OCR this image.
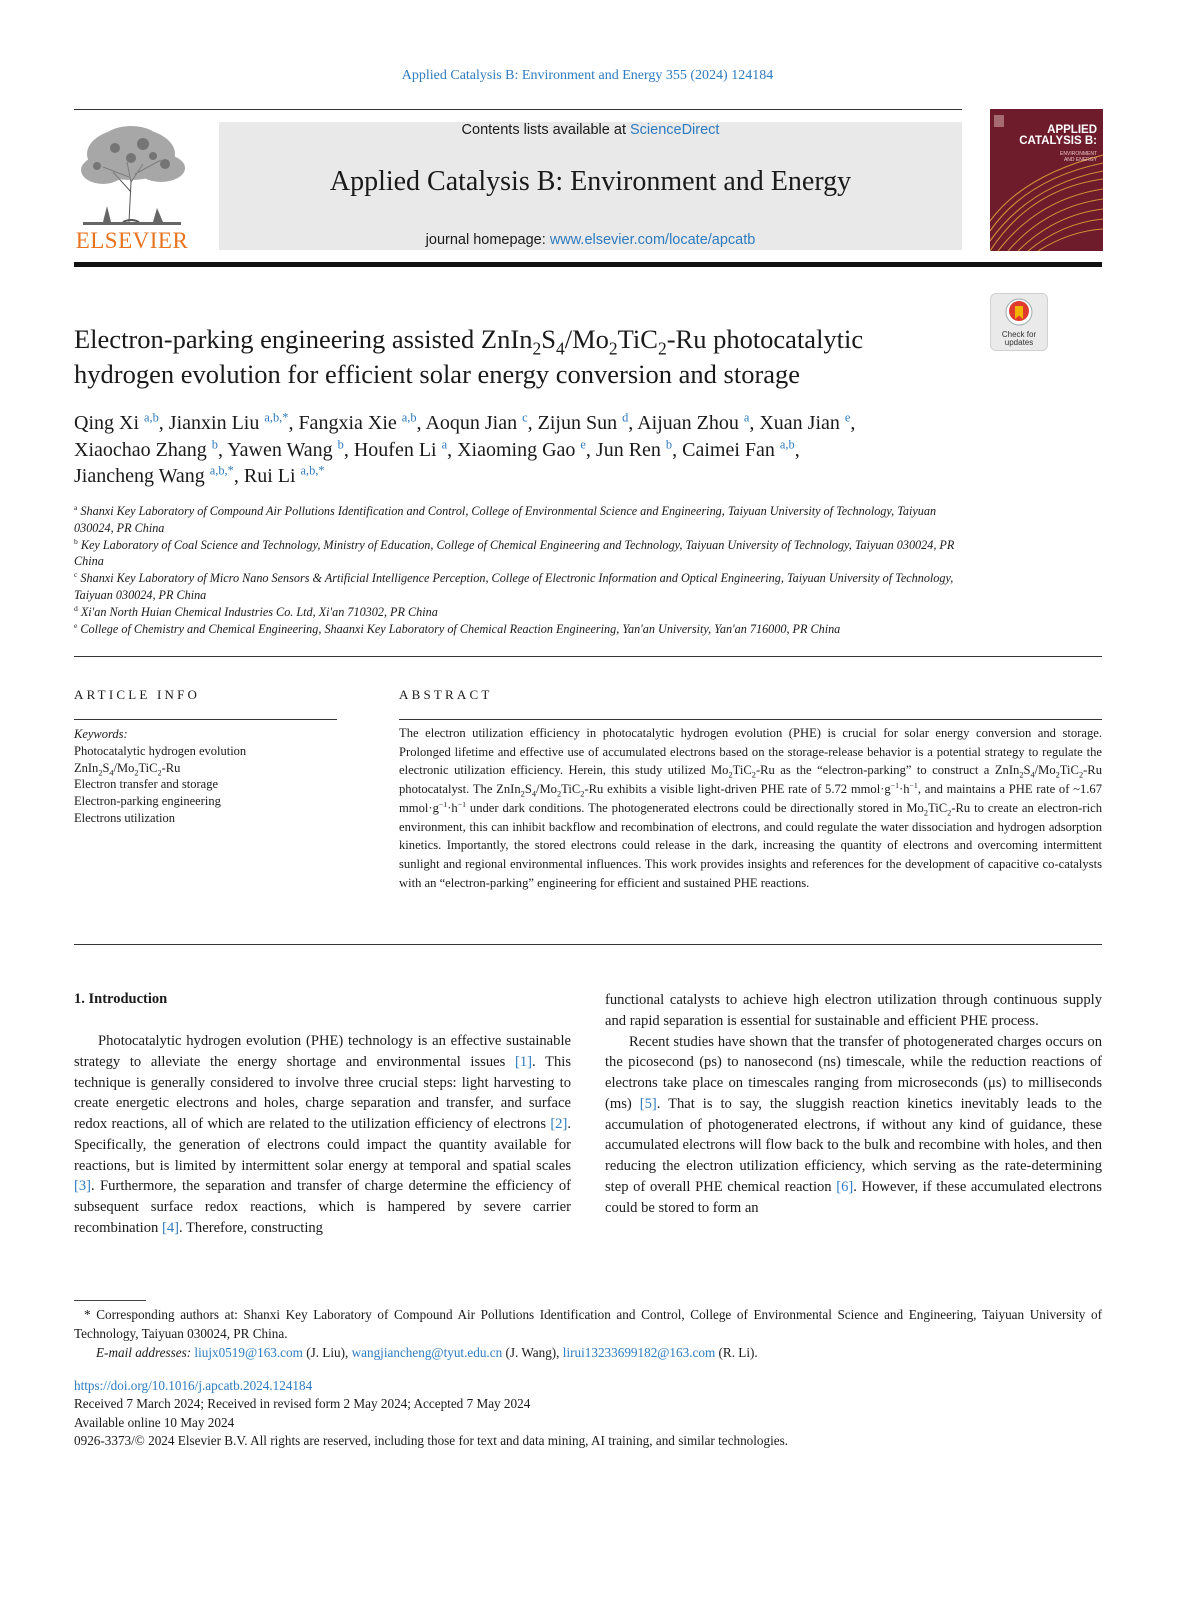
Applied Catalysis B: Environment and Energy 355 (2024) 124184
ELSEVIER
Contents lists available at ScienceDirect
Applied Catalysis B: Environment and Energy
journal homepage: www.elsevier.com/locate/apcatb
APPLIED
CATALYSIS B:
ENVIRONMENT
AND ENERGY
Check for
updates
Electron-parking engineering assisted $ZnIn_2S_4/Mo_2TiC_2-Ru$ photocatalytic
hydrogen evolution for efficient solar energy conversion and storage
Qing Xi $^{a,b}$, Jianxin Liu $^{a,b,*}$, Fangxia Xie $^{a,b}$, Aoqun Jian $^c$, Zijun Sun $^d$, Aijuan Zhou $^a$, Xuan Jian $^e$,
Xiaochao Zhang $^b$, Yawen Wang $^b$, Houfen Li $^a$, Xiaoming Gao $^e$, Jun Ren $^b$, Caimei Fan $^{a,b}$,
Jiancheng Wang $^{a,b,*}$, Rui Li $^{a,b,*}$
$^a$ Shanxi Key Laboratory of Compound Air Pollutions Identification and Control, College of Environmental Science and Engineering, Taiyuan University of Technology, Taiyuan 030024, PR China
$^b$ Key Laboratory of Coal Science and Technology, Ministry of Education, College of Chemical Engineering and Technology, Taiyuan University of Technology, Taiyuan 030024, PR China
$^c$ Shanxi Key Laboratory of Micro Nano Sensors & Artificial Intelligence Perception, College of Electronic Information and Optical Engineering, Taiyuan University of Technology, Taiyuan 030024, PR China
$^d$ Xi'an North Huian Chemical Industries Co. Ltd, Xi'an 710302, PR China
$^e$ College of Chemistry and Chemical Engineering, Shaanxi Key Laboratory of Chemical Reaction Engineering, Yan'an University, Yan'an 716000, PR China
ARTICLE INFO
Keywords:
Photocatalytic hydrogen evolution
$ZnIn_2S_4/Mo_2TiC_2-Ru$
Electron transfer and storage
Electron-parking engineering
Electrons utilization
ABSTRACT
The electron utilization efficiency in photocatalytic hydrogen evolution (PHE) is crucial for solar energy conversion and storage. Prolonged lifetime and effective use of accumulated electrons based on the storage-release behavior is a potential strategy to regulate the electronic utilization efficiency. Herein, this study utilized $Mo_2TiC_2-Ru$ as the “electron-parking” to construct a $ZnIn_2S_4/Mo_2TiC_2-Ru$ photocatalyst. The $ZnIn_2S_4/Mo_2TiC_2-Ru$ exhibits a visible light-driven PHE rate of 5.72 $mmol\cdot g^{-1}\cdot h^{-1}$, and maintains a PHE rate of ~1.67 $mmol\cdot g^{-1}\cdot h^{-1}$ under dark conditions. The photogenerated electrons could be directionally stored in $Mo_2TiC_2-Ru$ to create an electron-rich environment, this can inhibit backflow and recombination of electrons, and could regulate the water dissociation and hydrogen adsorption kinetics. Importantly, the stored electrons could release in the dark, increasing the quantity of electrons and overcoming intermittent sunlight and regional environmental influences. This work provides insights and references for the development of capacitive co-catalysts with an “electron-parking” engineering for efficient and sustained PHE reactions.
1. Introduction

Photocatalytic hydrogen evolution (PHE) technology is an effective sustainable strategy to alleviate the energy shortage and environmental issues [1]. This technique is generally considered to involve three crucial steps: light harvesting to create energetic electrons and holes, charge separation and transfer, and surface redox reactions, all of which are related to the utilization efficiency of electrons [2]. Specifically, the generation of electrons could impact the quantity available for reactions, but is limited by intermittent solar energy at temporal and spatial scales [3]. Furthermore, the separation and transfer of charge determine the efficiency of subsequent surface redox reactions, which is hampered by severe carrier recombination [4]. Therefore, constructing

functional catalysts to achieve high electron utilization through continuous supply and rapid separation is essential for sustainable and efficient PHE process.

Recent studies have shown that the transfer of photogenerated charges occurs on the picosecond (ps) to nanosecond (ns) timescale, while the reduction reactions of electrons take place on timescales ranging from microseconds (μs) to milliseconds (ms) [5]. That is to say, the sluggish reaction kinetics inevitably leads to the accumulation of photogenerated electrons, if without any kind of guidance, these accumulated electrons will flow back to the bulk and recombine with holes, and then reducing the electron utilization efficiency, which serving as the rate-determining step of overall PHE chemical reaction [6]. However, if these accumulated electrons could be stored to form an

* Corresponding authors at: Shanxi Key Laboratory of Compound Air Pollutions Identification and Control, College of Environmental Science and Engineering, Taiyuan University of Technology, Taiyuan 030024, PR China.
E-mail addresses: liujx0519@163.com (J. Liu), wangjiancheng@tyut.edu.cn (J. Wang), lirui13233699182@163.com (R. Li).
https://doi.org/10.1016/j.apcatb.2024.124184
Received 7 March 2024; Received in revised form 2 May 2024; Accepted 7 May 2024
Available online 10 May 2024
0926-3373/© 2024 Elsevier B.V. All rights are reserved, including those for text and data mining, AI training, and similar technologies.
